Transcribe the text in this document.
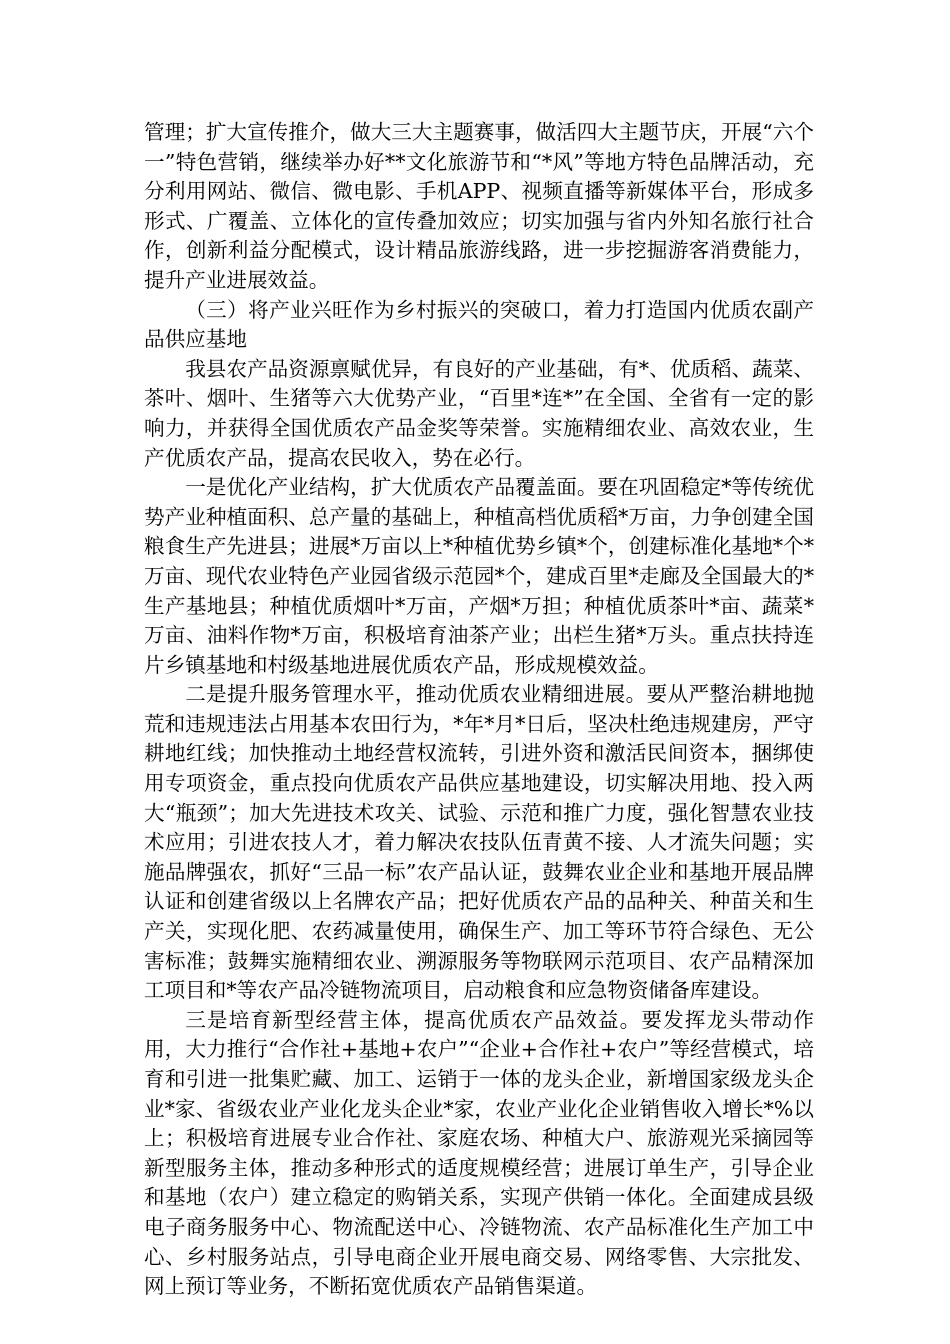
管理；扩大宣传推介，做大三大主题赛事，做活四大主题节庆，开展“六个一”特色营销，继续举办好**文化旅游节和“*风”等地方特色品牌活动，充分利用网站、微信、微电影、手机APP、视频直播等新媒体平台，形成多形式、广覆盖、立体化的宣传叠加效应；切实加强与省内外知名旅行社合作，创新利益分配模式，设计精品旅游线路，进一步挖掘游客消费能力，提升产业进展效益。

（三）将产业兴旺作为乡村振兴的突破口，着力打造国内优质农副产品供应基地

我县农产品资源禀赋优异，有良好的产业基础，有*、优质稻、蔬菜、茶叶、烟叶、生猪等六大优势产业，“百里*连*”在全国、全省有一定的影响力，并获得全国优质农产品金奖等荣誉。实施精细农业、高效农业，生产优质农产品，提高农民收入，势在必行。

一是优化产业结构，扩大优质农产品覆盖面。要在巩固稳定*等传统优势产业种植面积、总产量的基础上，种植高档优质稻*万亩，力争创建全国粮食生产先进县；进展*万亩以上*种植优势乡镇*个，创建标准化基地*个*万亩、现代农业特色产业园省级示范园*个，建成百里*走廊及全国最大的*生产基地县；种植优质烟叶*万亩，产烟*万担；种植优质茶叶*亩、蔬菜*万亩、油料作物*万亩，积极培育油茶产业；出栏生猪*万头。重点扶持连片乡镇基地和村级基地进展优质农产品，形成规模效益。

二是提升服务管理水平，推动优质农业精细进展。要从严整治耕地抛荒和违规违法占用基本农田行为，*年*月*日后，坚决杜绝违规建房，严守耕地红线；加快推动土地经营权流转，引进外资和激活民间资本，捆绑使用专项资金，重点投向优质农产品供应基地建设，切实解决用地、投入两大“瓶颈”；加大先进技术攻关、试验、示范和推广力度，强化智慧农业技术应用；引进农技人才，着力解决农技队伍青黄不接、人才流失问题；实施品牌强农，抓好“三品一标”农产品认证，鼓舞农业企业和基地开展品牌认证和创建省级以上名牌农产品；把好优质农产品的品种关、种苗关和生产关，实现化肥、农药减量使用，确保生产、加工等环节符合绿色、无公害标准；鼓舞实施精细农业、溯源服务等物联网示范项目、农产品精深加工项目和*等农产品冷链物流项目，启动粮食和应急物资储备库建设。

三是培育新型经营主体，提高优质农产品效益。要发挥龙头带动作用，大力推行“合作社+基地+农户”“企业+合作社+农户”等经营模式，培育和引进一批集贮藏、加工、运销于一体的龙头企业，新增国家级龙头企业*家、省级农业产业化龙头企业*家，农业产业化企业销售收入增长*%以上；积极培育进展专业合作社、家庭农场、种植大户、旅游观光采摘园等新型服务主体，推动多种形式的适度规模经营；进展订单生产，引导企业和基地（农户）建立稳定的购销关系，实现产供销一体化。全面建成县级电子商务服务中心、物流配送中心、冷链物流、农产品标准化生产加工中心、乡村服务站点，引导电商企业开展电商交易、网络零售、大宗批发、网上预订等业务，不断拓宽优质农产品销售渠道。
